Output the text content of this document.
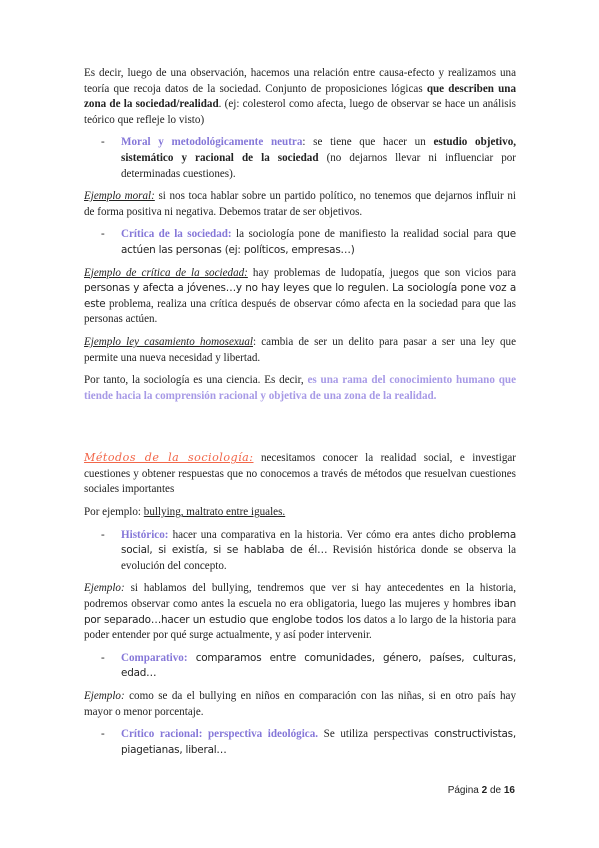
Es decir, luego de una observación, hacemos una relación entre causa-efecto y realizamos una teoría que recoja datos de la sociedad. Conjunto de proposiciones lógicas que describen una zona de la sociedad/realidad. (ej: colesterol como afecta, luego de observar se hace un análisis teórico que refleje lo visto)

- Moral y metodológicamente neutra: se tiene que hacer un estudio objetivo, sistemático y racional de la sociedad (no dejarnos llevar ni influenciar por determinadas cuestiones).

Ejemplo moral: si nos toca hablar sobre un partido político, no tenemos que dejarnos influir ni de forma positiva ni negativa. Debemos tratar de ser objetivos.

- Crítica de la sociedad: la sociología pone de manifiesto la realidad social para que actúen las personas (ej: políticos, empresas…)

Ejemplo de crítica de la sociedad: hay problemas de ludopatía, juegos que son vicios para personas y afecta a jóvenes…y no hay leyes que lo regulen. La sociología pone voz a este problema, realiza una crítica después de observar cómo afecta en la sociedad para que las personas actúen.

Ejemplo ley casamiento homosexual: cambia de ser un delito para pasar a ser una ley que permite una nueva necesidad y libertad.

Por tanto, la sociología es una ciencia. Es decir, es una rama del conocimiento humano que tiende hacia la comprensión racional y objetiva de una zona de la realidad.

Métodos de la sociología: necesitamos conocer la realidad social, e investigar cuestiones y obtener respuestas que no conocemos a través de métodos que resuelvan cuestiones sociales importantes

Por ejemplo: bullying, maltrato entre iguales.

- Histórico: hacer una comparativa en la historia. Ver cómo era antes dicho problema social, si existía, si se hablaba de él… Revisión histórica donde se observa la evolución del concepto.

Ejemplo: si hablamos del bullying, tendremos que ver si hay antecedentes en la historia, podremos observar como antes la escuela no era obligatoria, luego las mujeres y hombres iban por separado…hacer un estudio que englobe todos los datos a lo largo de la historia para poder entender por qué surge actualmente, y así poder intervenir.

- Comparativo: comparamos entre comunidades, género, países, culturas, edad…

Ejemplo: como se da el bullying en niños en comparación con las niñas, si en otro país hay mayor o menor porcentaje.

- Crítico racional: perspectiva ideológica. Se utiliza perspectivas constructivistas, piagetianas, liberal…
Página 2 de 16
